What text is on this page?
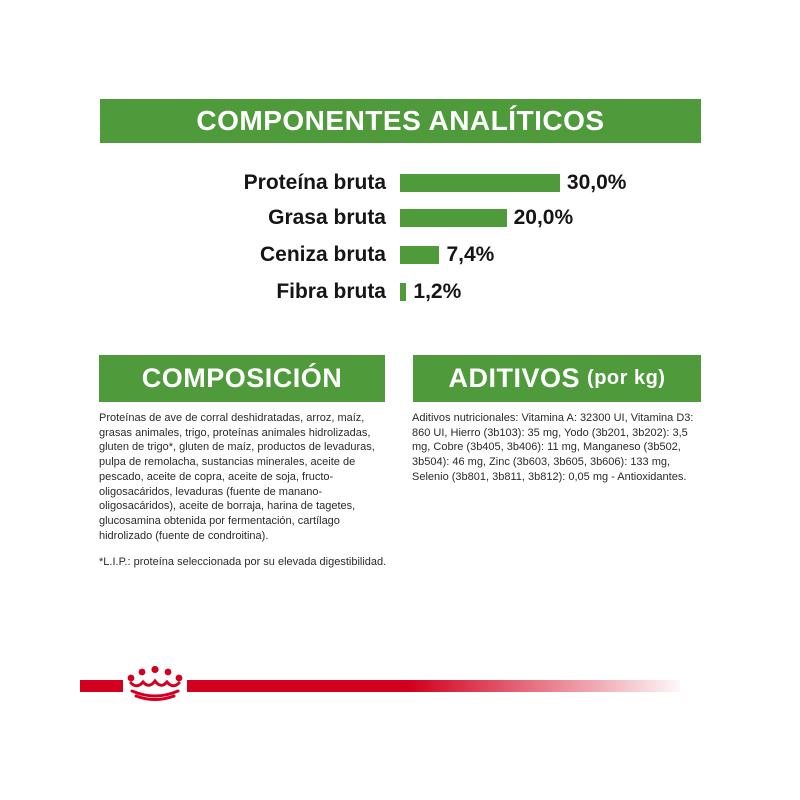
COMPONENTES ANALÍTICOS
Proteína bruta	30,0%
Grasa bruta	20,0%
Ceniza bruta	7,4%
Fibra bruta 1,2%
COMPOSICIÓN	ADITIVOS (por kg)
Proteínas de ave de corral deshidratadas, arroz, maíz, grasas animales, trigo, proteínas animales hidrolizadas, gluten de trigo*, gluten de maíz, productos de levaduras, pulpa de remolacha, sustancias minerales, aceite de pescado, aceite de copra, aceite de soja, fructo-oligosacáridos, levaduras (fuente de manano-oligosacáridos), aceite de borraja, harina de tagetes, glucosamina obtenida por fermentación, cartílago hidrolizado (fuente de condroitina).
*L.I.P.: proteína seleccionada por su elevada digestibilidad.
Aditivos nutricionales: Vitamina A: 32300 UI, Vitamina D3: 860 UI, Hierro (3b103): 35 mg, Yodo (3b201, 3b202): 3,5 mg, Cobre (3b405, 3b406): 11 mg, Manganeso (3b502, 3b504): 46 mg, Zinc (3b603, 3b605, 3b606): 133 mg, Selenio (3b801, 3b811, 3b812): 0,05 mg - Antioxidantes.
